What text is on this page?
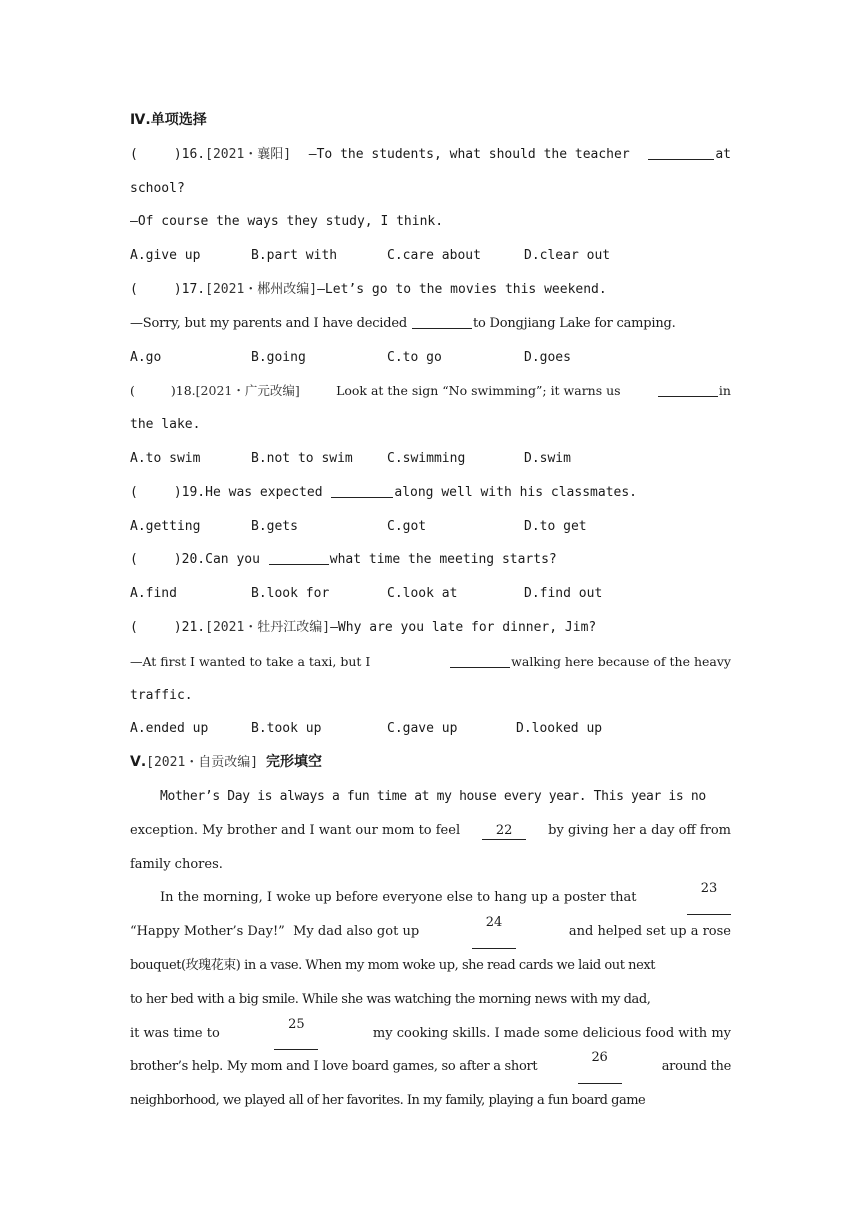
Ⅳ.单项选择
(	)16.[2021・襄阳] —To the students, what should the teacher	at
school?
—Of course the ways they study, I think.
A.give up	B.part with	C.care about	D.clear out
(	)17.[2021・郴州改编]—Let’s go to the movies this weekend.
—Sorry, but my parents and I have decided	to Dongjiang Lake for camping.
A.go	B.going	C.to go	D.goes
(	)18.[2021・广元改编]	Look at the sign “No swimming”; it warns us	in
the lake.
A.to swim	B.not to swim	C.swimming	D.swim
(	)19.He was expected	along well with his classmates.
A.getting	B.gets	C.got	D.to get
(	)20.Can you	what time the meeting starts?
A.find	B.look for	C.look at	D.find out
(	)21.[2021・牡丹江改编]—Why are you late for dinner, Jim?
—At first I wanted to take a taxi, but I	walking here because of the heavy
traffic.
A.ended up	B.took up	C.gave up	D.looked up
Ⅴ.[2021・自贡改编] 完形填空
Mother’s Day is always a fun time at my house every year. This year is no
exception. My brother and I want our mom to feel	22	by giving her a day off from
family chores.
In the morning, I woke up before everyone else to hang up a poster that
23
“Happy Mother’s Day!”  My dad also got up
24
and helped set up a rose
bouquet(玫瑰花束) in a vase. When my mom woke up, she read cards we laid out next
to her bed with a big smile. While she was watching the morning news with my dad,
it was time to
25
my cooking skills. I made some delicious food with my
brother’s help. My mom and I love board games, so after a short
26
around the
neighborhood, we played all of her favorites. In my family, playing a fun board game
